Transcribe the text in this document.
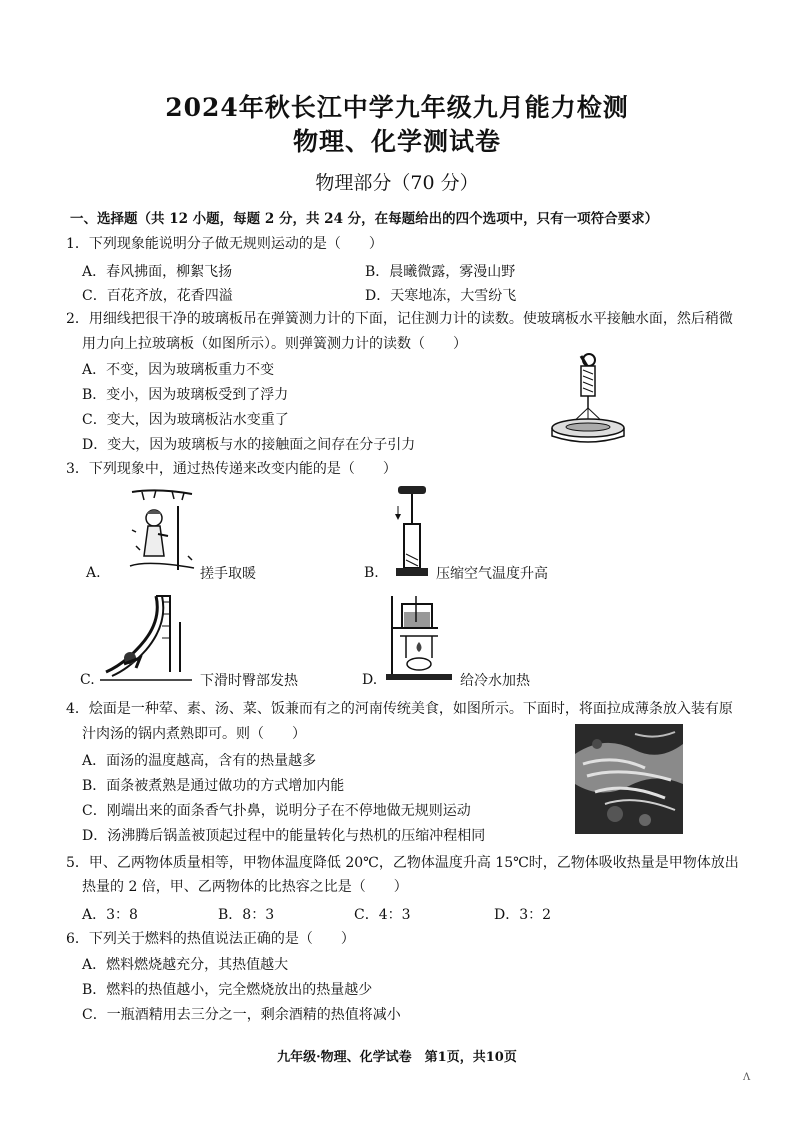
2024年秋长江中学九年级九月能力检测
物理、化学测试卷
物理部分（70 分）
一、选择题（共 12 小题，每题 2 分，共 24 分，在每题给出的四个选项中，只有一项符合要求）
1．下列现象能说明分子做无规则运动的是（　　）
A．春风拂面，柳絮飞扬	B．晨曦微露，雾漫山野
C．百花齐放，花香四溢	D．天寒地冻，大雪纷飞
2．用细线把很干净的玻璃板吊在弹簧测力计的下面，记住测力计的读数。使玻璃板水平接触水面，然后稍微
用力向上拉玻璃板（如图所示）。则弹簧测力计的读数（　　）
A．不变，因为玻璃板重力不变
B．变小，因为玻璃板受到了浮力
C．变大，因为玻璃板沾水变重了
D．变大，因为玻璃板与水的接触面之间存在分子引力
3．下列现象中，通过热传递来改变内能的是（　　）
A.	搓手取暖	B.	压缩空气温度升高
C.	下滑时臀部发热	D.	给冷水加热
4．烩面是一种荤、素、汤、菜、饭兼而有之的河南传统美食，如图所示。下面时，将面拉成薄条放入装有原
汁肉汤的锅内煮熟即可。则（　　）
A．面汤的温度越高，含有的热量越多
B．面条被煮熟是通过做功的方式增加内能
C．刚端出来的面条香气扑鼻，说明分子在不停地做无规则运动
D．汤沸腾后锅盖被顶起过程中的能量转化与热机的压缩冲程相同
5．甲、乙两物体质量相等，甲物体温度降低 20℃，乙物体温度升高 15℃时，乙物体吸收热量是甲物体放出
热量的 2 倍，甲、乙两物体的比热容之比是（　　）
A．3：8	B．8：3	C．4：3	D．3：2
6．下列关于燃料的热值说法正确的是（　　）
A．燃料燃烧越充分，其热值越大
B．燃料的热值越小，完全燃烧放出的热量越少
C．一瓶酒精用去三分之一，剩余酒精的热值将减小
九年级·物理、化学试卷　第1页，共10页
Λ
